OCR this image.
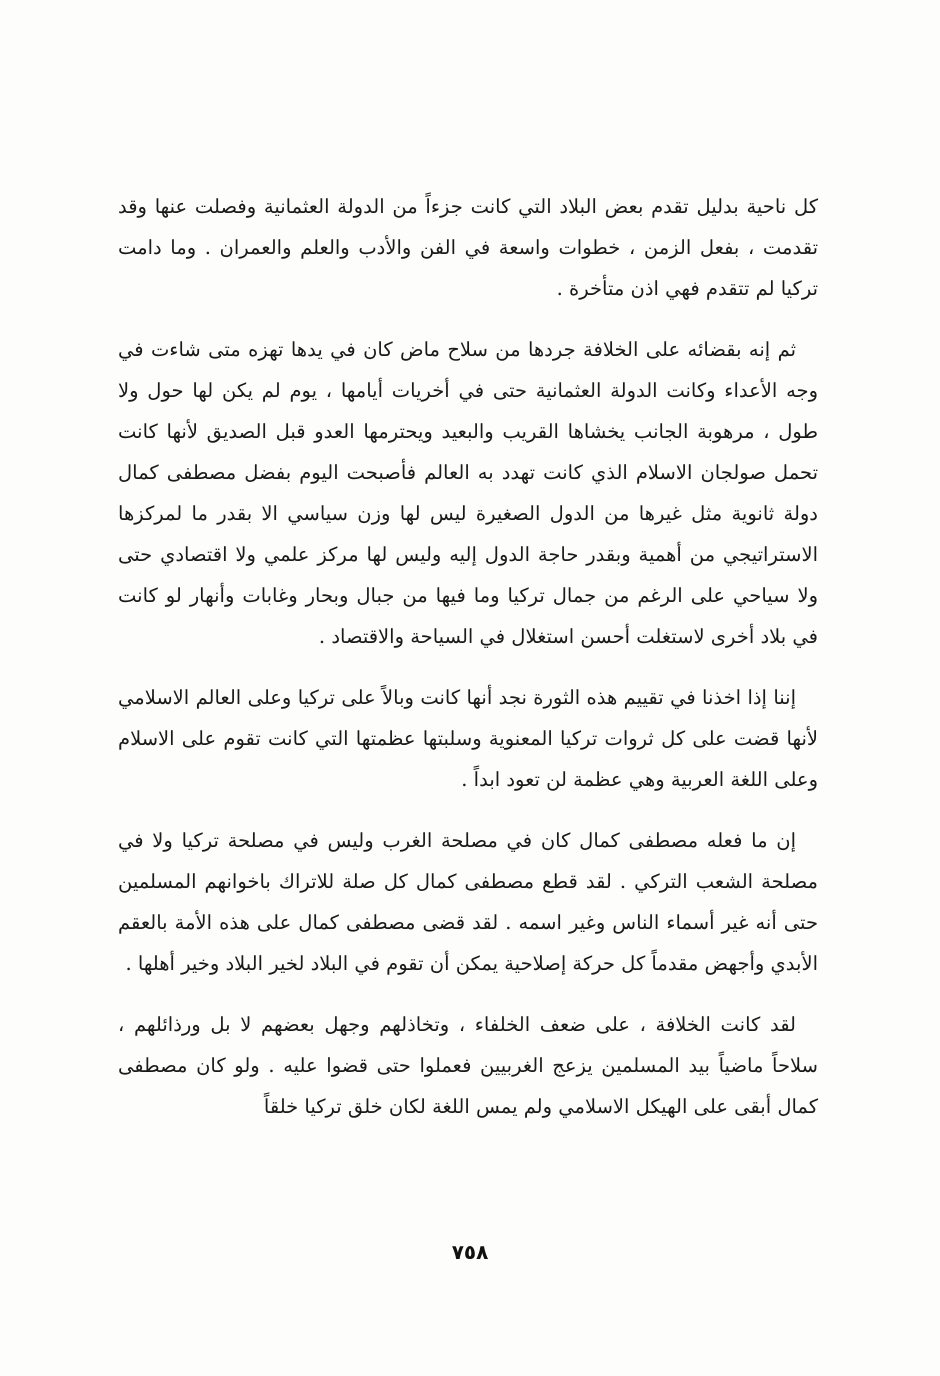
كل ناحية بدليل تقدم بعض البلاد التي كانت جزءاً من الدولة العثمانية وفصلت عنها وقد تقدمت ، بفعل الزمن ، خطوات واسعة في الفن والأدب والعلم والعمران . وما دامت تركيا لم تتقدم فهي اذن متأخرة .

ثم إنه بقضائه على الخلافة جردها من سلاح ماض كان في يدها تهزه متى شاءت في وجه الأعداء وكانت الدولة العثمانية حتى في أخريات أيامها ، يوم لم يكن لها حول ولا طول ، مرهوبة الجانب يخشاها القريب والبعيد ويحترمها العدو قبل الصديق لأنها كانت تحمل صولجان الاسلام الذي كانت تهدد به العالم فأصبحت اليوم بفضل مصطفى كمال دولة ثانوية مثل غيرها من الدول الصغيرة ليس لها وزن سياسي الا بقدر ما لمركزها الاستراتيجي من أهمية وبقدر حاجة الدول إليه وليس لها مركز علمي ولا اقتصادي حتى ولا سياحي على الرغم من جمال تركيا وما فيها من جبال وبحار وغابات وأنهار لو كانت في بلاد أخرى لاستغلت أحسن استغلال في السياحة والاقتصاد .

إننا إذا اخذنا في تقييم هذه الثورة نجد أنها كانت وبالاً على تركيا وعلى العالم الاسلامي لأنها قضت على كل ثروات تركيا المعنوية وسلبتها عظمتها التي كانت تقوم على الاسلام وعلى اللغة العربية وهي عظمة لن تعود ابداً .

إن ما فعله مصطفى كمال كان في مصلحة الغرب وليس في مصلحة تركيا ولا في مصلحة الشعب التركي . لقد قطع مصطفى كمال كل صلة للاتراك باخوانهم المسلمين حتى أنه غير أسماء الناس وغير اسمه . لقد قضى مصطفى كمال على هذه الأمة بالعقم الأبدي وأجهض مقدماً كل حركة إصلاحية يمكن أن تقوم في البلاد لخير البلاد وخير أهلها .

لقد كانت الخلافة ، على ضعف الخلفاء ، وتخاذلهم وجهل بعضهم لا بل ورذائلهم ، سلاحاً ماضياً بيد المسلمين يزعج الغربيين فعملوا حتى قضوا عليه . ولو كان مصطفى كمال أبقى على الهيكل الاسلامي ولم يمس اللغة لكان خلق تركيا خلقاً

٧٥٨
